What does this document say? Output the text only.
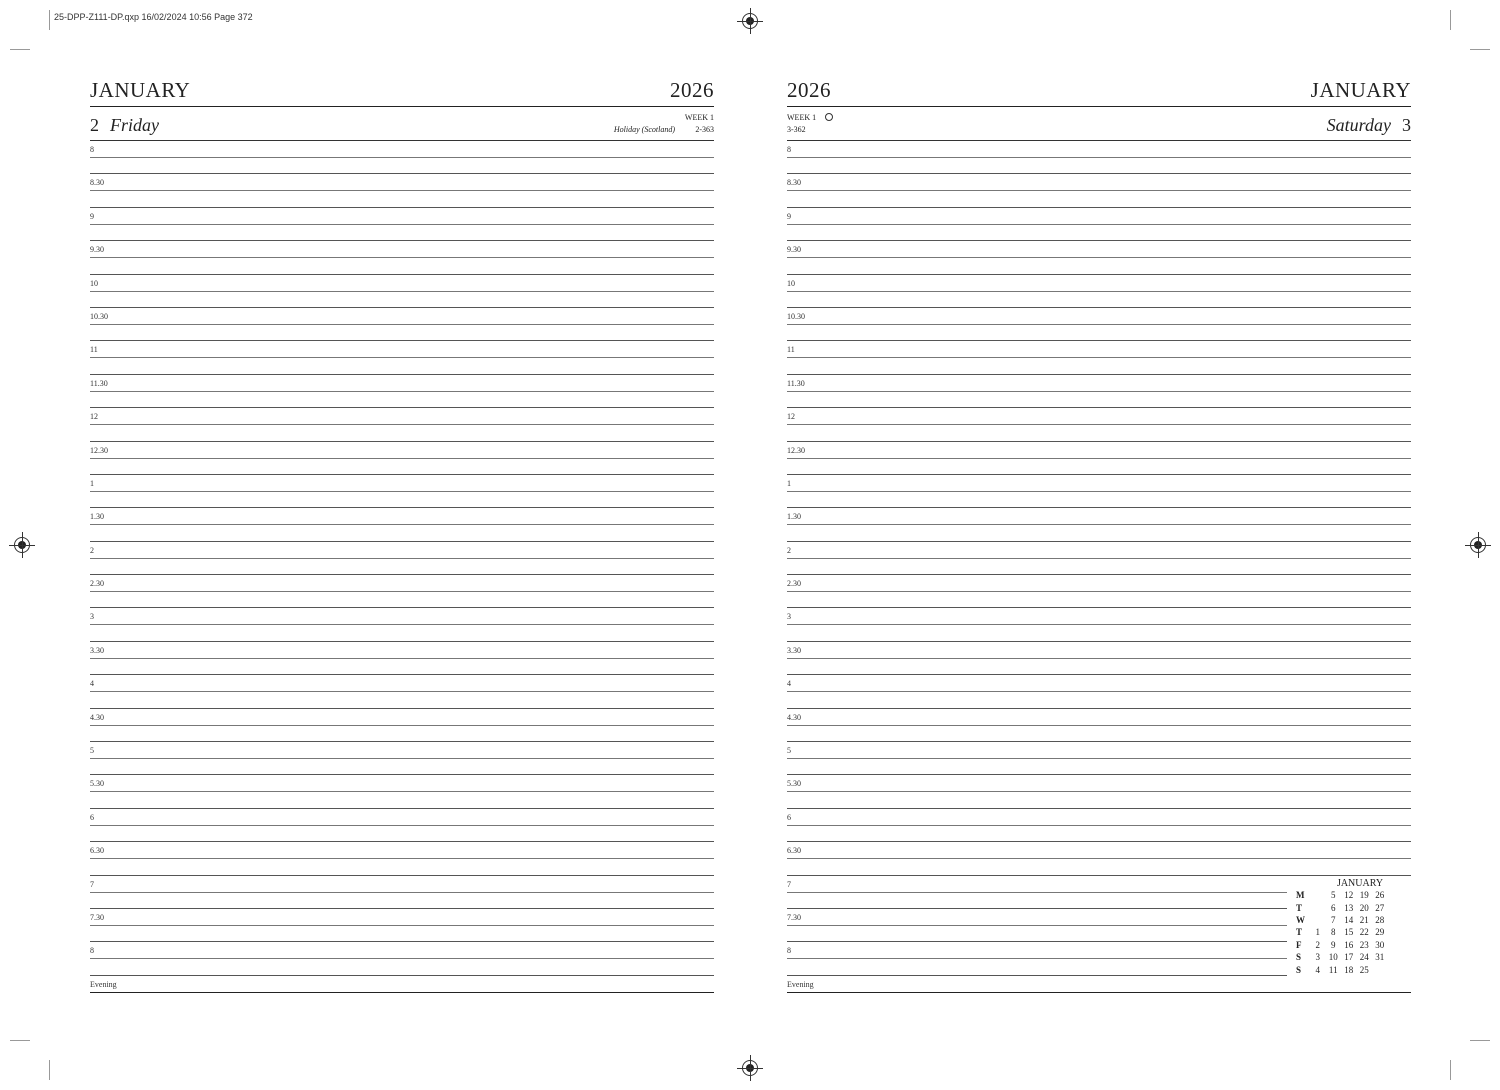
25-DPP-Z111-DP.qxp 16/02/2024 10:56 Page 372
JANUARY	2026
2 Friday	WEEK 1
Holiday (Scotland)	2-363
8
8.30
9
9.30
10
10.30
11
11.30
12
12.30
1
1.30
2
2.30
3
3.30
4
4.30
5
5.30
6
6.30
7
7.30
8
Evening
2026	JANUARY
WEEK 1
3-362	Saturday 3
8
8.30
9
9.30
10
10.30
11
11.30
12
12.30
1
1.30
2
2.30
3
3.30
4
4.30
5
5.30
6
6.30
7
7.30
8
Evening
JANUARY
M		5	12	19	26
T		6	13	20	27
W		7	14	21	28
T	1	8	15	22	29
F	2	9	16	23	30
S	3	10	17	24	31
S	4	11	18	25	
